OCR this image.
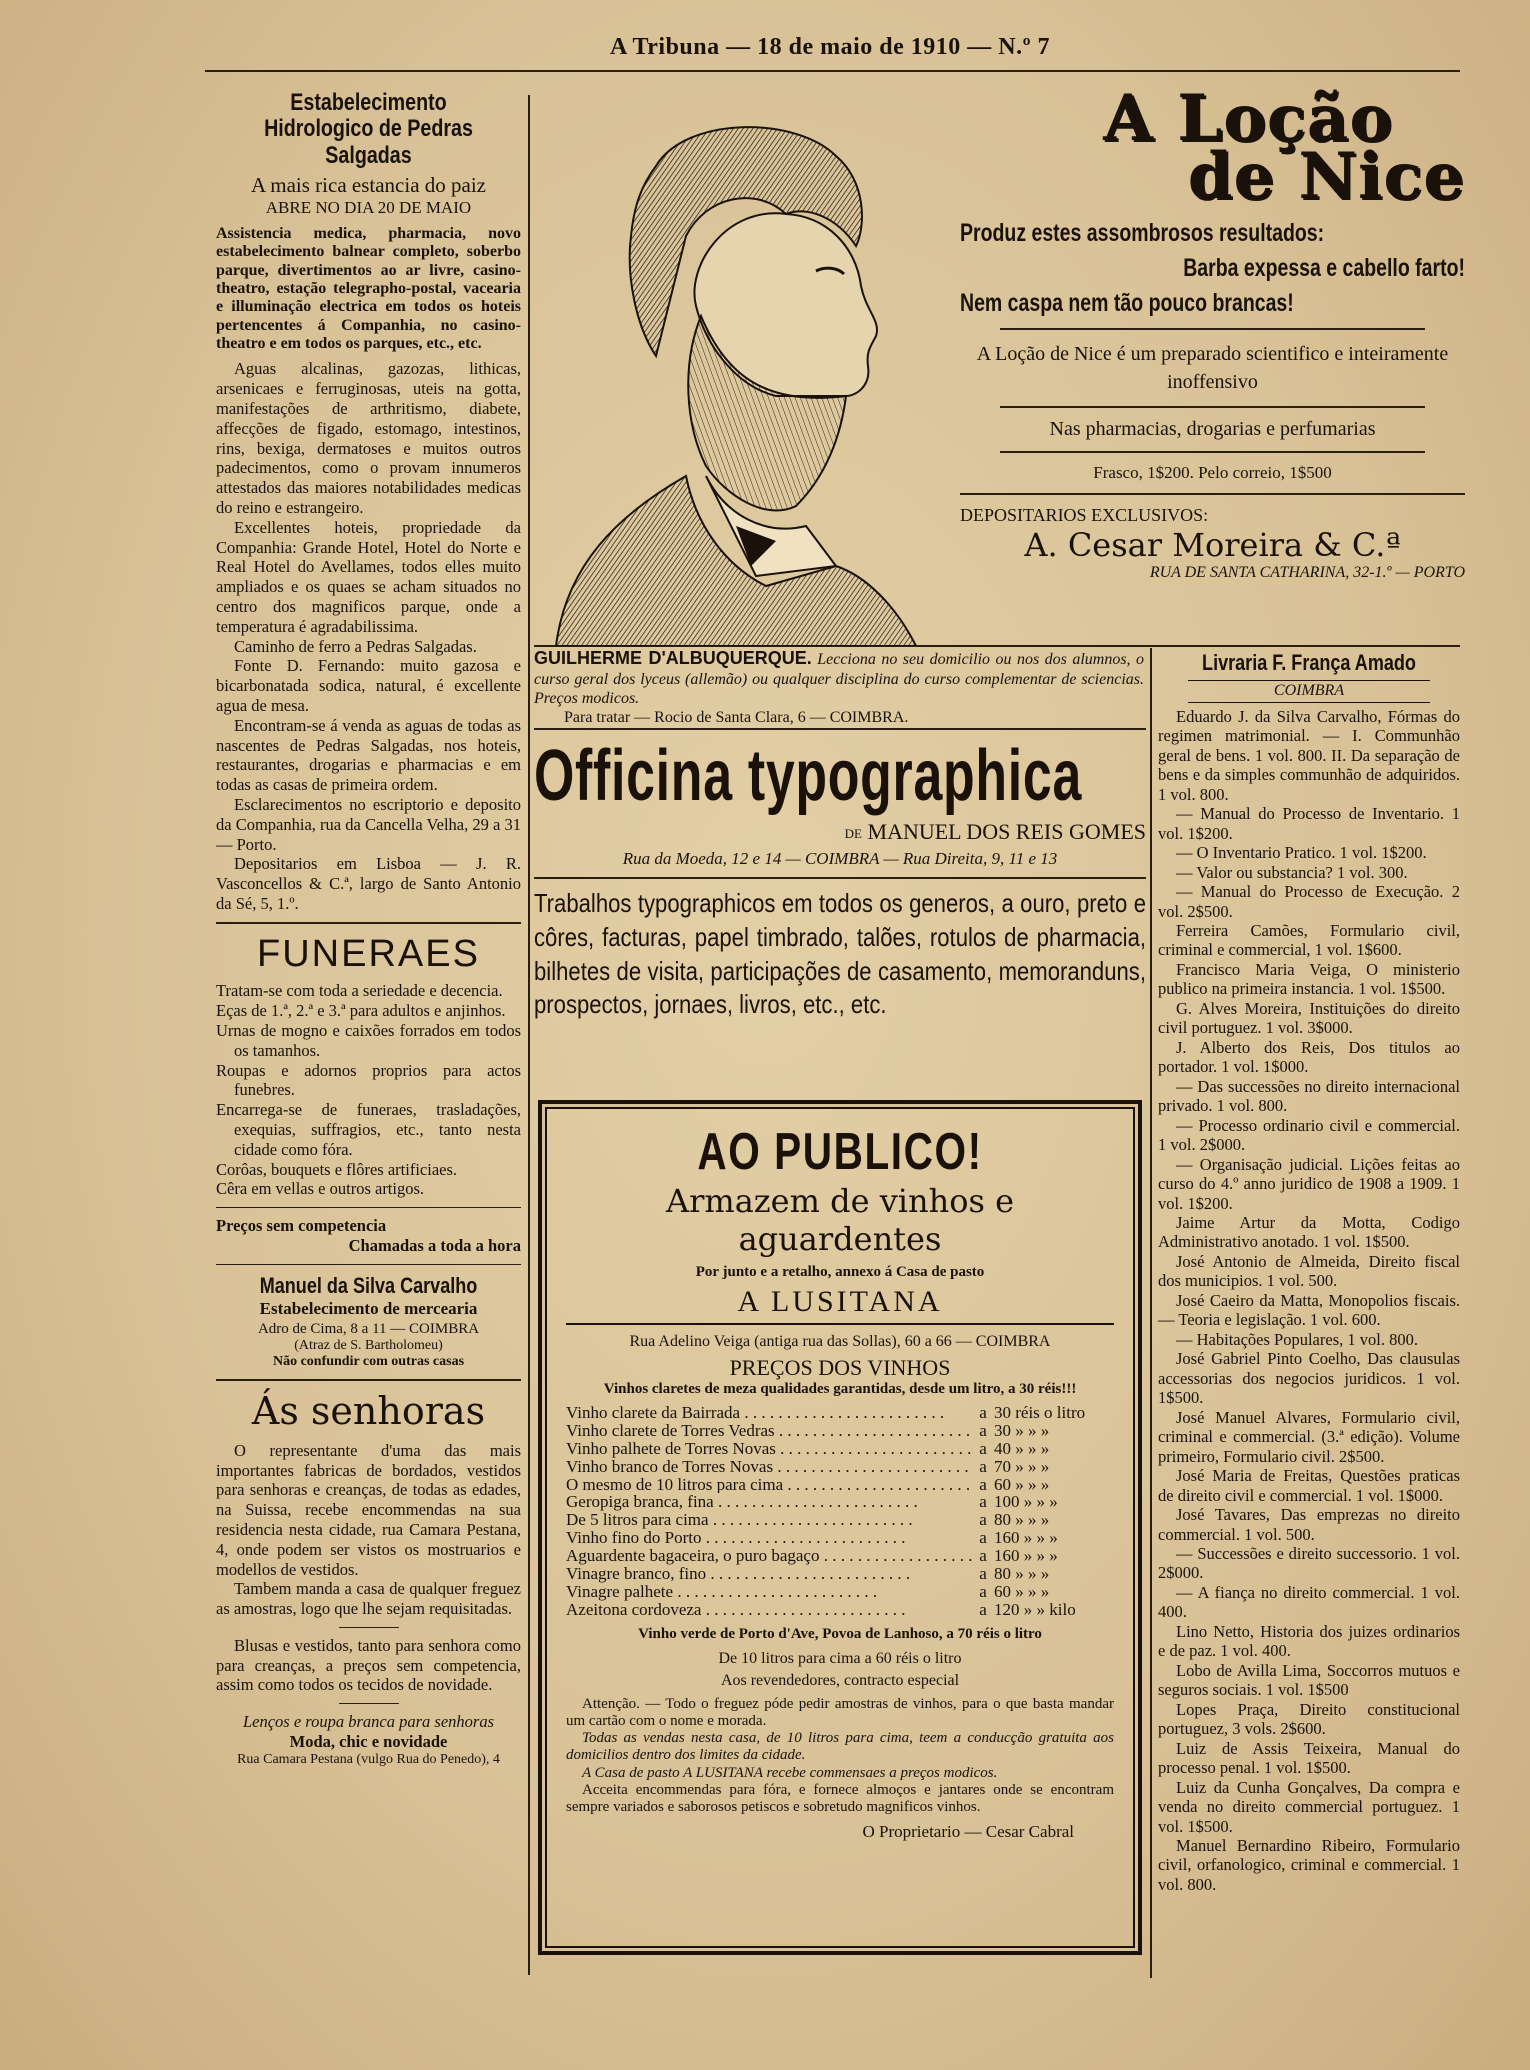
A Tribuna — 18 de maio de 1910 — N.º 7
Estabelecimento Hidrologico de Pedras Salgadas
A mais rica estancia do paiz
ABRE NO DIA 20 DE MAIO
Assistencia medica, pharmacia, novo estabelecimento balnear completo, soberbo parque, divertimentos ao ar livre, casino-theatro, estação telegrapho-postal, vacearia e illuminação electrica em todos os hoteis pertencentes á Companhia, no casino-theatro e em todos os parques, etc., etc.
Aguas alcalinas, gazozas, lithicas, arsenicaes e ferruginosas, uteis na gotta, manifestações de arthritismo, diabete, affecções de figado, estomago, intestinos, rins, bexiga, dermatoses e muitos outros padecimentos, como o provam innumeros attestados das maiores notabilidades medicas do reino e estrangeiro.
Excellentes hoteis, propriedade da Companhia: Grande Hotel, Hotel do Norte e Real Hotel do Avellames, todos elles muito ampliados e os quaes se acham situados no centro dos magnificos parque, onde a temperatura é agradabilissima.
Caminho de ferro a Pedras Salgadas.
Fonte D. Fernando: muito gazosa e bicarbonatada sodica, natural, é excellente agua de mesa.
Encontram-se á venda as aguas de todas as nascentes de Pedras Salgadas, nos hoteis, restaurantes, drogarias e pharmacias e em todas as casas de primeira ordem.
Esclarecimentos no escriptorio e deposito da Companhia, rua da Cancella Velha, 29 a 31 — Porto.
Depositarios em Lisboa — J. R. Vasconcellos & C.ª, largo de Santo Antonio da Sé, 5, 1.º.
FUNERAES
Tratam-se com toda a seriedade e decencia.
Eças de 1.ª, 2.ª e 3.ª para adultos e anjinhos.
Urnas de mogno e caixões forrados em todos os tamanhos.
Roupas e adornos proprios para actos funebres.
Encarrega-se de funeraes, trasladações, exequias, suffragios, etc., tanto nesta cidade como fóra.
Corôas, bouquets e flôres artificiaes.
Cêra em vellas e outros artigos.
Preços sem competencia
Chamadas a toda a hora
Manuel da Silva Carvalho
Estabelecimento de mercearia
Adro de Cima, 8 a 11 — COIMBRA
(Atraz de S. Bartholomeu)
Não confundir com outras casas
Ás senhoras
O representante d'uma das mais importantes fabricas de bordados, vestidos para senhoras e creanças, de todas as edades, na Suissa, recebe encommendas na sua residencia nesta cidade, rua Camara Pestana, 4, onde podem ser vistos os mostruarios e modellos de vestidos.
Tambem manda a casa de qualquer freguez as amostras, logo que lhe sejam requisitadas.
Blusas e vestidos, tanto para senhora como para creanças, a preços sem competencia, assim como todos os tecidos de novidade.
Lenços e roupa branca para senhoras
Moda, chic e novidade
Rua Camara Pestana (vulgo Rua do Penedo), 4
A Loção
de Nice
Produz estes assombrosos resultados:
Barba expessa e cabello farto!
Nem caspa nem tão pouco brancas!

A Loção de Nice é um preparado scientifico e inteiramente inoffensivo

Nas pharmacias, drogarias e perfumarias

Frasco, 1$200. Pelo correio, 1$500

DEPOSITARIOS EXCLUSIVOS:

A. Cesar Moreira & C.ª

RUA DE SANTA CATHARINA, 32-1.º — PORTO

GUILHERME D'ALBUQUERQUE. Lecciona no seu domicilio ou nos dos alumnos, o curso geral dos lyceus (allemão) ou qualquer disciplina do curso complementar de sciencias. Preços modicos.
Para tratar — Rocio de Santa Clara, 6 — COIMBRA.
Officina typographica
DE MANUEL DOS REIS GOMES
Rua da Moeda, 12 e 14 — COIMBRA — Rua Direita, 9, 11 e 13
Trabalhos typographicos em todos os generos, a ouro, preto e côres, facturas, papel timbrado, talões, rotulos de pharmacia, bilhetes de visita, participações de casamento, memoranduns, prospectos, jornaes, livros, etc., etc.
AO PUBLICO!
Armazem de vinhos e aguardentes
Por junto e a retalho, annexo á Casa de pasto
A LUSITANA
Rua Adelino Veiga (antiga rua das Sollas), 60 a 66 — COIMBRA
PREÇOS DOS VINHOS
Vinhos claretes de meza qualidades garantidas, desde um litro, a 30 réis!!!
Vinho clarete da Bairrada . . .	a 30 réis o litro
Vinho clarete de Torres Vedras . . .	a 30 » » »
Vinho palhete de Torres Novas . . .	a 40 » » »
Vinho branco de Torres Novas . . .	a 70 » » »
O mesmo de 10 litros para cima . . .	a 60 » » »
Geropiga branca, fina . . .	a 100 » » »
De 5 litros para cima . . .	a 80 » » »
Vinho fino do Porto . . .	a 160 » » »
Aguardente bagaceira, o puro bagaço . . .	a 160 » » »
Vinagre branco, fino . . .	a 80 » » »
Vinagre palhete . . .	a 60 » » »
Azeitona cordoveza . . .	a 120 » » kilo
Vinho verde de Porto d'Ave, Povoa de Lanhoso, a 70 réis o litro
De 10 litros para cima a 60 réis o litro
Aos revendedores, contracto especial
Attenção. — Todo o freguez póde pedir amostras de vinhos, para o que basta mandar um cartão com o nome e morada.
Todas as vendas nesta casa, de 10 litros para cima, teem a conducção gratuita aos domicilios dentro dos limites da cidade.
A Casa de pasto A LUSITANA recebe commensaes a preços modicos.
Acceita encommendas para fóra, e fornece almoços e jantares onde se encontram sempre variados e saborosos petiscos e sobretudo magnificos vinhos.
O Proprietario — Cesar Cabral
Livraria F. França Amado
COIMBRA
Eduardo J. da Silva Carvalho, Fórmas do regimen matrimonial. — I. Communhão geral de bens. 1 vol. 800. II. Da separação de bens e da simples communhão de adquiridos. 1 vol. 800.
— Manual do Processo de Inventario. 1 vol. 1$200.
— O Inventario Pratico. 1 vol. 1$200.
— Valor ou substancia? 1 vol. 300.
— Manual do Processo de Execução. 2 vol. 2$500.
Ferreira Camões, Formulario civil, criminal e commercial, 1 vol. 1$600.
Francisco Maria Veiga, O ministerio publico na primeira instancia. 1 vol. 1$500.
G. Alves Moreira, Instituições do direito civil portuguez. 1 vol. 3$000.
J. Alberto dos Reis, Dos titulos ao portador. 1 vol. 1$000.
— Das successões no direito internacional privado. 1 vol. 800.
— Processo ordinario civil e commercial. 1 vol. 2$000.
— Organisação judicial. Lições feitas ao curso do 4.º anno juridico de 1908 a 1909. 1 vol. 1$200.
Jaime Artur da Motta, Codigo Administrativo anotado. 1 vol. 1$500.
José Antonio de Almeida, Direito fiscal dos municipios. 1 vol. 500.
José Caeiro da Matta, Monopolios fiscais. — Teoria e legislação. 1 vol. 600.
— Habitações Populares, 1 vol. 800.
José Gabriel Pinto Coelho, Das clausulas accessorias dos negocios juridicos. 1 vol. 1$500.
José Manuel Alvares, Formulario civil, criminal e commercial. (3.ª edição). Volume primeiro, Formulario civil. 2$500.
José Maria de Freitas, Questões praticas de direito civil e commercial. 1 vol. 1$000.
José Tavares, Das emprezas no direito commercial. 1 vol. 500.
— Successões e direito successorio. 1 vol. 2$000.
— A fiança no direito commercial. 1 vol. 400.
Lino Netto, Historia dos juizes ordinarios e de paz. 1 vol. 400.
Lobo de Avilla Lima, Soccorros mutuos e seguros sociais. 1 vol. 1$500
Lopes Praça, Direito constitucional portuguez, 3 vols. 2$600.
Luiz de Assis Teixeira, Manual do processo penal. 1 vol. 1$500.
Luiz da Cunha Gonçalves, Da compra e venda no direito commercial portuguez. 1 vol. 1$500.
Manuel Bernardino Ribeiro, Formulario civil, orfanologico, criminal e commercial. 1 vol. 800.
